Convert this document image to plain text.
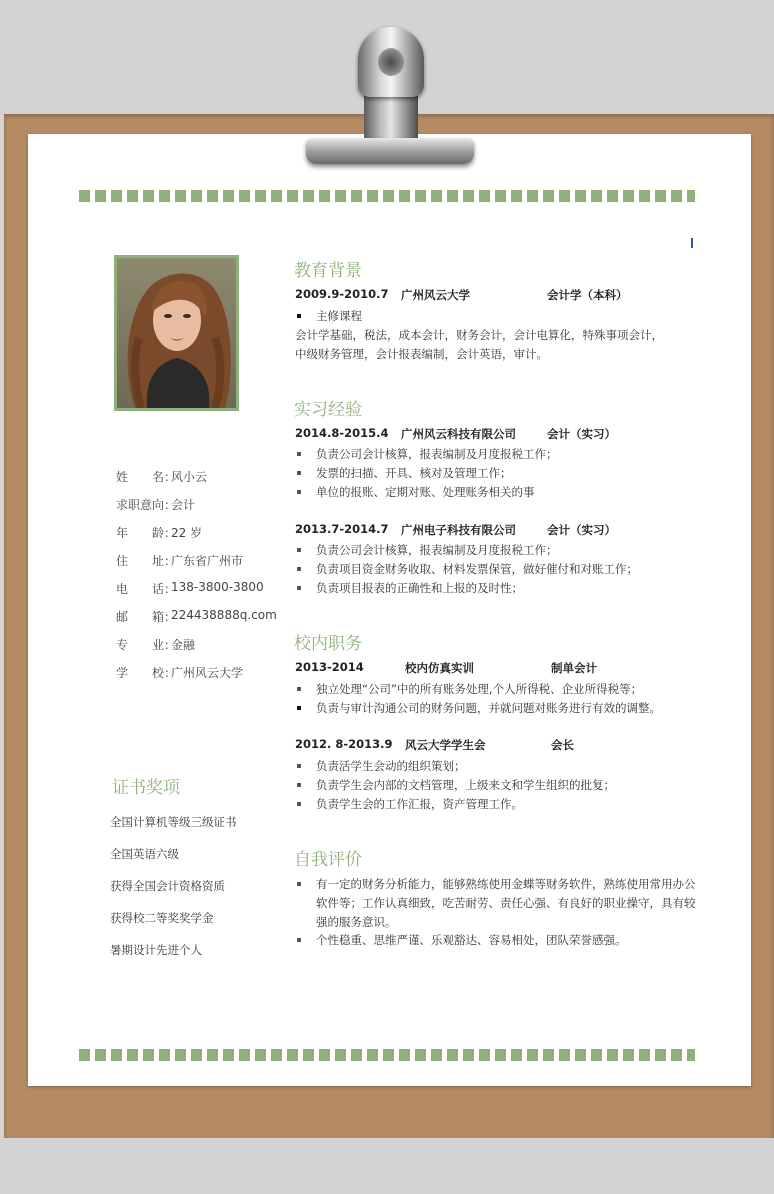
姓　　名：
风小云
求职意向：
会计
年　　龄：
22 岁
住　　址：
广东省广州市
电　　话：
138-3800-3800
邮　　箱：
224438888q.com
专　　业：
金融
学　　校：
广州风云大学
证书奖项
全国计算机等级三级证书
全国英语六级
获得全国会计资格资质
获得校二等奖奖学金
暑期设计先进个人
教育背景
2009.9-2010.7 广州风云大学	会计学（本科）
主修课程
会计学基础，税法，成本会计，财务会计，会计电算化，特殊事项会计，
中级财务管理，会计报表编制，会计英语，审计。
实习经验
2014.8-2015.4 广州风云科技有限公司	会计（实习）
负责公司会计核算，报表编制及月度报税工作；
发票的扫描、开具、核对及管理工作；
单位的报账、定期对账、处理账务相关的事
2013.7-2014.7 广州电子科技有限公司	会计（实习）
负责公司会计核算，报表编制及月度报税工作；
负责项目资金财务收取、材料发票保管，做好催付和对账工作；
负责项目报表的正确性和上报的及时性；
校内职务
2013-2014	校内仿真实训	制单会计
独立处理“公司”中的所有账务处理,个人所得税、企业所得税等；
负责与审计沟通公司的财务问题，并就问题对账务进行有效的调整。
2012. 8-2013.9 风云大学学生会	会长
负责活学生会动的组织策划；
负责学生会内部的文档管理，上级来文和学生组织的批复；
负责学生会的工作汇报，资产管理工作。
自我评价
有一定的财务分析能力，能够熟练使用金蝶等财务软件，熟练使用常用办公
软件等；工作认真细致，吃苦耐劳、责任心强、有良好的职业操守，具有较
强的服务意识。
个性稳重、思维严谨、乐观豁达、容易相处，团队荣誉感强。
